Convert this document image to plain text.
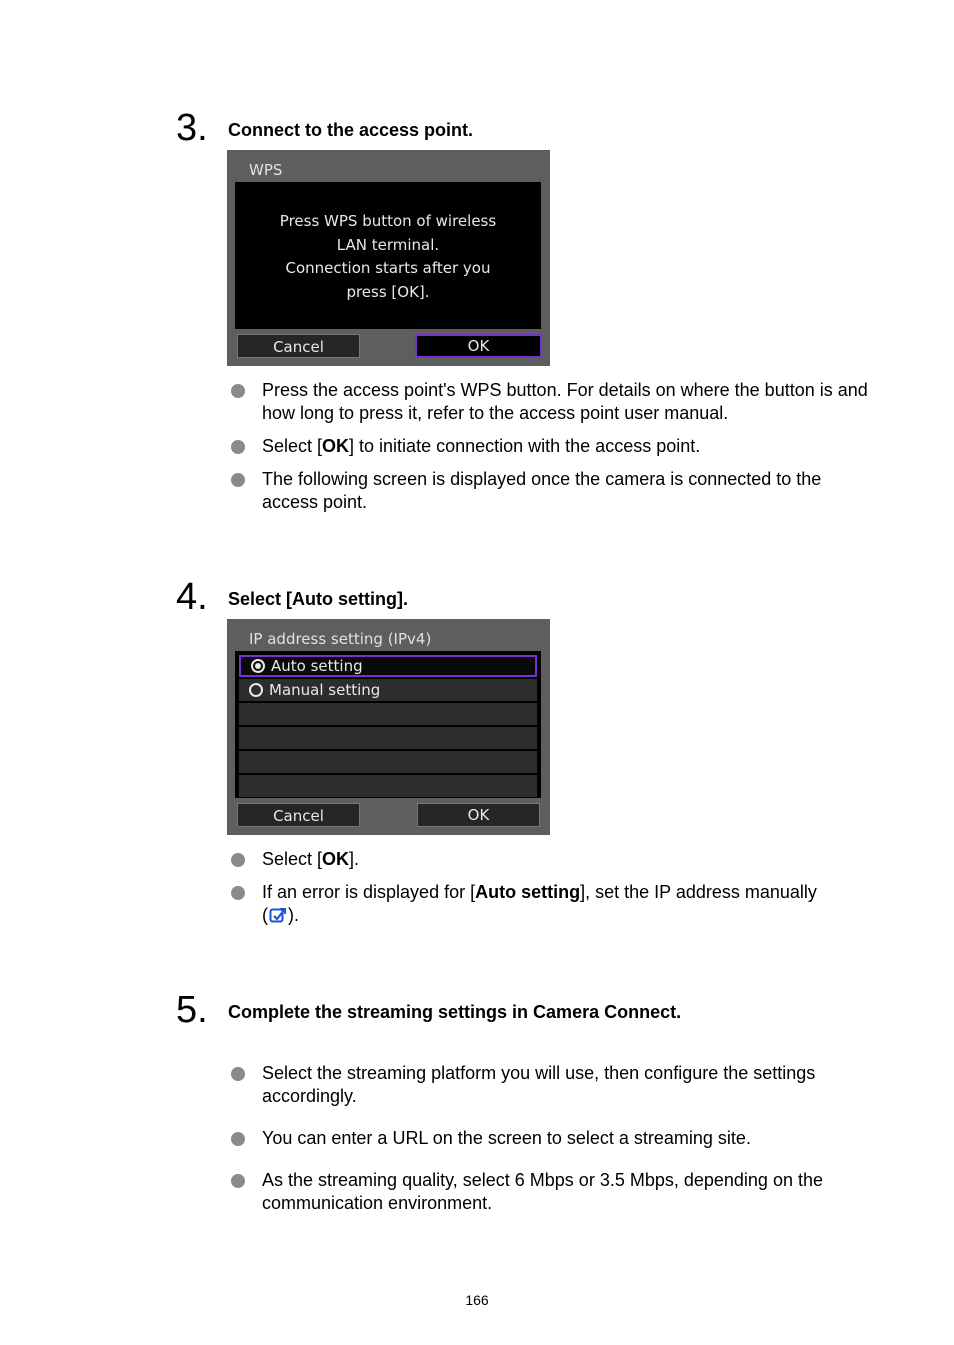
3. Connect to the access point.
WPS
Press WPS button of wireless
LAN terminal.
Connection starts after you
press [OK].
Cancel	OK
Press the access point's WPS button. For details on where the button is and how long to press it, refer to the access point user manual.
Select [OK] to initiate connection with the access point.
The following screen is displayed once the camera is connected to the access point.
4. Select [Auto setting].
IP address setting (IPv4)
Auto setting
Manual setting
Cancel	OK
Select [OK].
If an error is displayed for [Auto setting], set the IP address manually
( ).
5. Complete the streaming settings in Camera Connect.
Select the streaming platform you will use, then configure the settings accordingly.
You can enter a URL on the screen to select a streaming site.
As the streaming quality, select 6 Mbps or 3.5 Mbps, depending on the communication environment.
166
